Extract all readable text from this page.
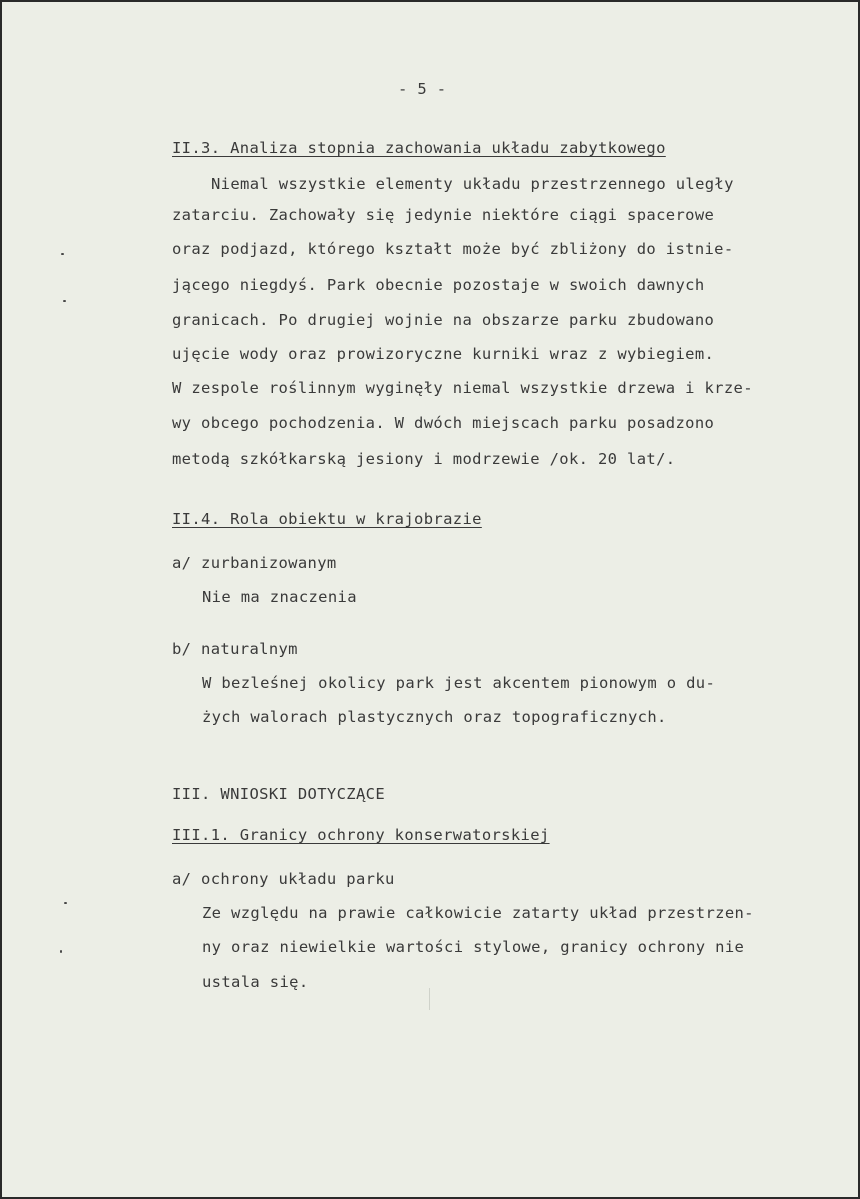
- 5 -
II.3. Analiza stopnia zachowania układu zabytkowego
Niemal wszystkie elementy układu przestrzennego uległy
zatarciu. Zachowały się jedynie niektóre ciągi spacerowe
oraz podjazd, którego kształt może być zbliżony do istnie-
jącego niegdyś. Park obecnie pozostaje w swoich dawnych
granicach. Po drugiej wojnie na obszarze parku zbudowano
ujęcie wody oraz prowizoryczne kurniki wraz z wybiegiem.
W zespole roślinnym wyginęły niemal wszystkie drzewa i krze-
wy obcego pochodzenia. W dwóch miejscach parku posadzono
metodą szkółkarską jesiony i modrzewie /ok. 20 lat/.
II.4. Rola obiektu w krajobrazie
a/ zurbanizowanym
Nie ma znaczenia
b/ naturalnym
W bezleśnej okolicy park jest akcentem pionowym o du-
żych walorach plastycznych oraz topograficznych.
III. WNIOSKI DOTYCZĄCE
III.1. Granicy ochrony konserwatorskiej
a/ ochrony układu parku
Ze względu na prawie całkowicie zatarty układ przestrzen-
ny oraz niewielkie wartości stylowe, granicy ochrony nie
ustala się.
